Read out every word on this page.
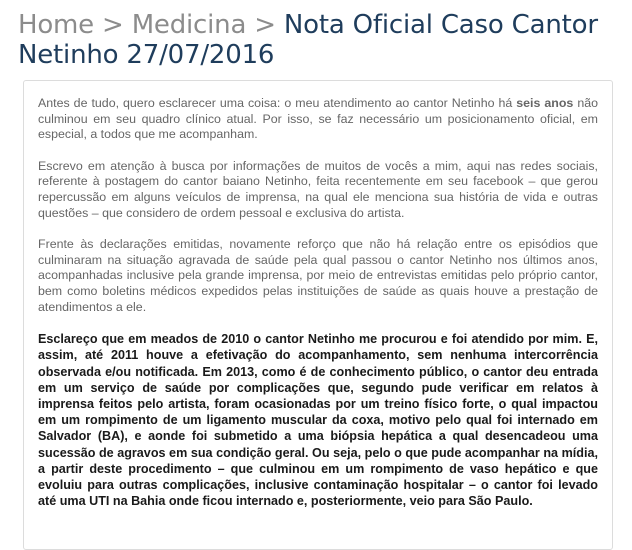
Home > Medicina > Nota Oficial Caso Cantor Netinho 27/07/2016

Antes de tudo, quero esclarecer uma coisa: o meu atendimento ao cantor Netinho há seis anos não culminou em seu quadro clínico atual. Por isso, se faz necessário um posicionamento oficial, em especial, a todos que me acompanham.

Escrevo em atenção à busca por informações de muitos de vocês a mim, aqui nas redes sociais, referente à postagem do cantor baiano Netinho, feita recentemente em seu facebook – que gerou repercussão em alguns veículos de imprensa, na qual ele menciona sua história de vida e outras questões – que considero de ordem pessoal e exclusiva do artista.

Frente às declarações emitidas, novamente reforço que não há relação entre os episódios que culminaram na situação agravada de saúde pela qual passou o cantor Netinho nos últimos anos, acompanhadas inclusive pela grande imprensa, por meio de entrevistas emitidas pelo próprio cantor, bem como boletins médicos expedidos pelas instituições de saúde as quais houve a prestação de atendimentos a ele.

Esclareço que em meados de 2010 o cantor Netinho me procurou e foi atendido por mim. E, assim, até 2011 houve a efetivação do acompanhamento, sem nenhuma intercorrência observada e/ou notificada. Em 2013, como é de conhecimento público, o cantor deu entrada em um serviço de saúde por complicações que, segundo pude verificar em relatos à imprensa feitos pelo artista, foram ocasionadas por um treino físico forte, o qual impactou em um rompimento de um ligamento muscular da coxa, motivo pelo qual foi internado em Salvador (BA), e aonde foi submetido a uma biópsia hepática a qual desencadeou uma sucessão de agravos em sua condição geral. Ou seja, pelo o que pude acompanhar na mídia, a partir deste procedimento – que culminou em um rompimento de vaso hepático e que evoluiu para outras complicações, inclusive contaminação hospitalar – o cantor foi levado até uma UTI na Bahia onde ficou internado e, posteriormente, veio para São Paulo.
